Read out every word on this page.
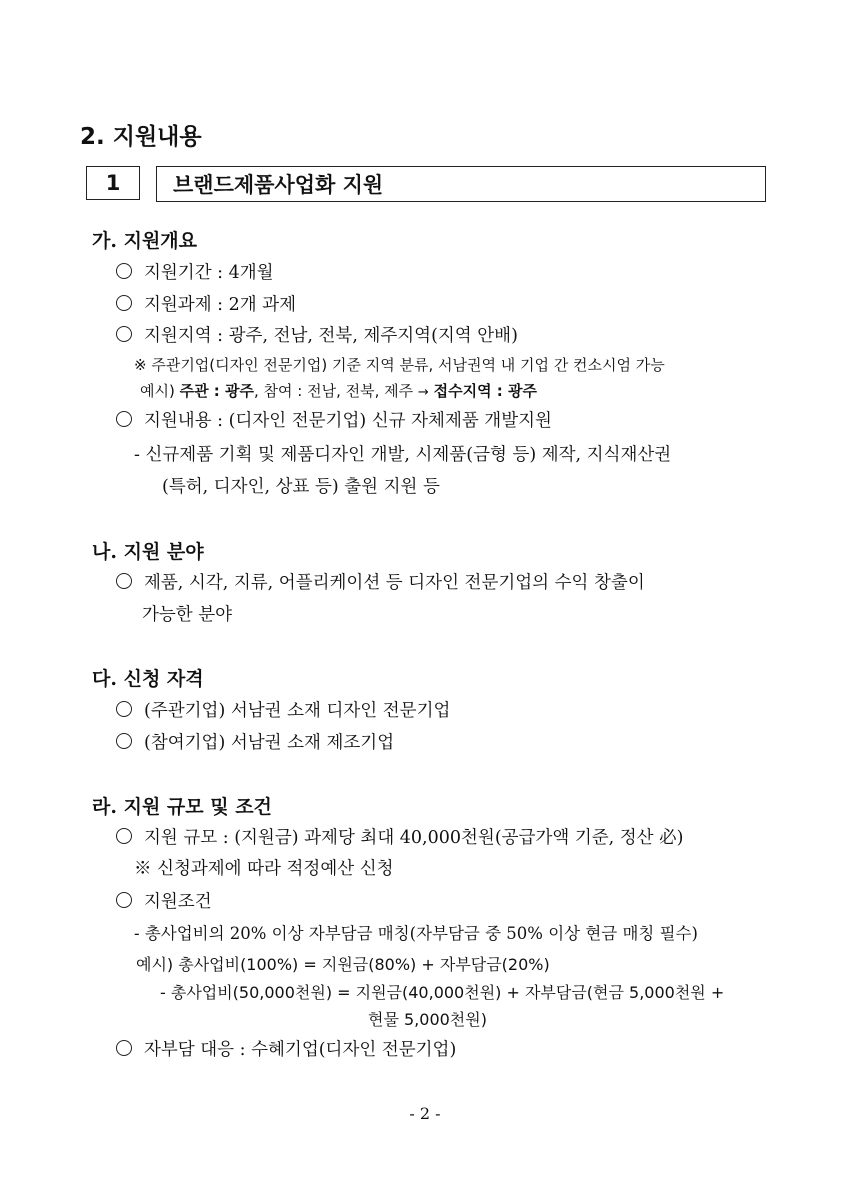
2. 지원내용
1	브랜드제품사업화 지원
가. 지원개요
지원기간 : 4개월
지원과제 : 2개 과제
지원지역 : 광주, 전남, 전북, 제주지역(지역 안배)
※ 주관기업(디자인 전문기업) 기준 지역 분류, 서남권역 내 기업 간 컨소시엄 가능
예시) 주관 : 광주, 참여 : 전남, 전북, 제주 → 접수지역 : 광주
지원내용 : (디자인 전문기업) 신규 자체제품 개발지원
- 신규제품 기획 및 제품디자인 개발, 시제품(금형 등) 제작, 지식재산권
(특허, 디자인, 상표 등) 출원 지원 등
나. 지원 분야
제품, 시각, 지류, 어플리케이션 등 디자인 전문기업의 수익 창출이
가능한 분야
다. 신청 자격
(주관기업) 서남권 소재 디자인 전문기업
(참여기업) 서남권 소재 제조기업
라. 지원 규모 및 조건
지원 규모 : (지원금) 과제당 최대 40,000천원(공급가액 기준, 정산 必)
※ 신청과제에 따라 적정예산 신청
지원조건
- 총사업비의 20% 이상 자부담금 매칭(자부담금 중 50% 이상 현금 매칭 필수)
예시) 총사업비(100%) = 지원금(80%) + 자부담금(20%)
- 총사업비(50,000천원) = 지원금(40,000천원) + 자부담금(현금 5,000천원 +
현물 5,000천원)
자부담 대응 : 수혜기업(디자인 전문기업)
- 2 -
